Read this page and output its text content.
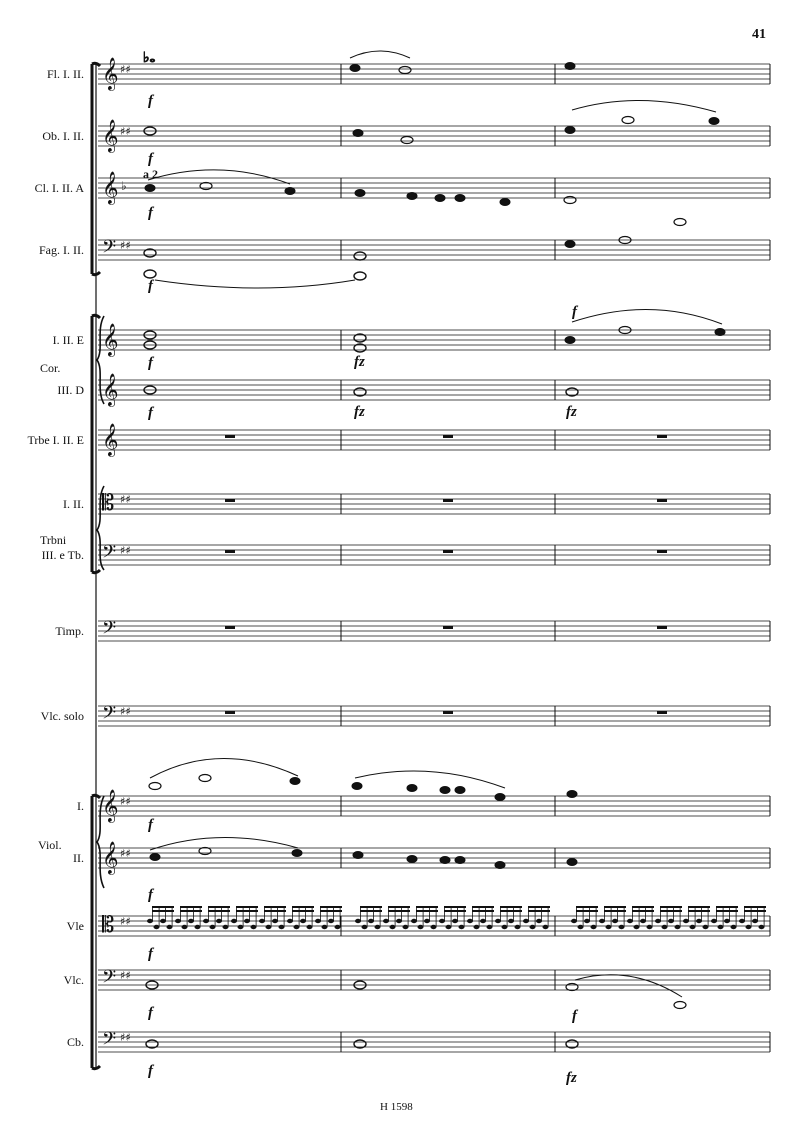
41
H 1598
𝄞 ♯♯
𝄞 ♯♯
𝄞 ♭
𝄢 ♯♯
𝄞
𝄞
𝄞
𝄡 ♯♯
𝄢 ♯♯
𝄢
𝄢 ♯♯
𝄞 ♯♯
𝄞 ♯♯
𝄡 ♯♯
𝄢 ♯♯
𝄢 ♯♯
Fl. I. II.
Ob. I. II.
Cl. I. II. A
Fag. I. II.
I. II. E
III. D
Trbe I. II. E
I. II.
III. e Tb.
Timp.
Vlc. solo
I.
II.
Vle
Vlc.
Cb.
Cor.
Trbni
Viol.
a 2
♭𝅝
f
f
f
f
f
f
f
f
f
f
f
f
f
fz
fz	fz
fz
